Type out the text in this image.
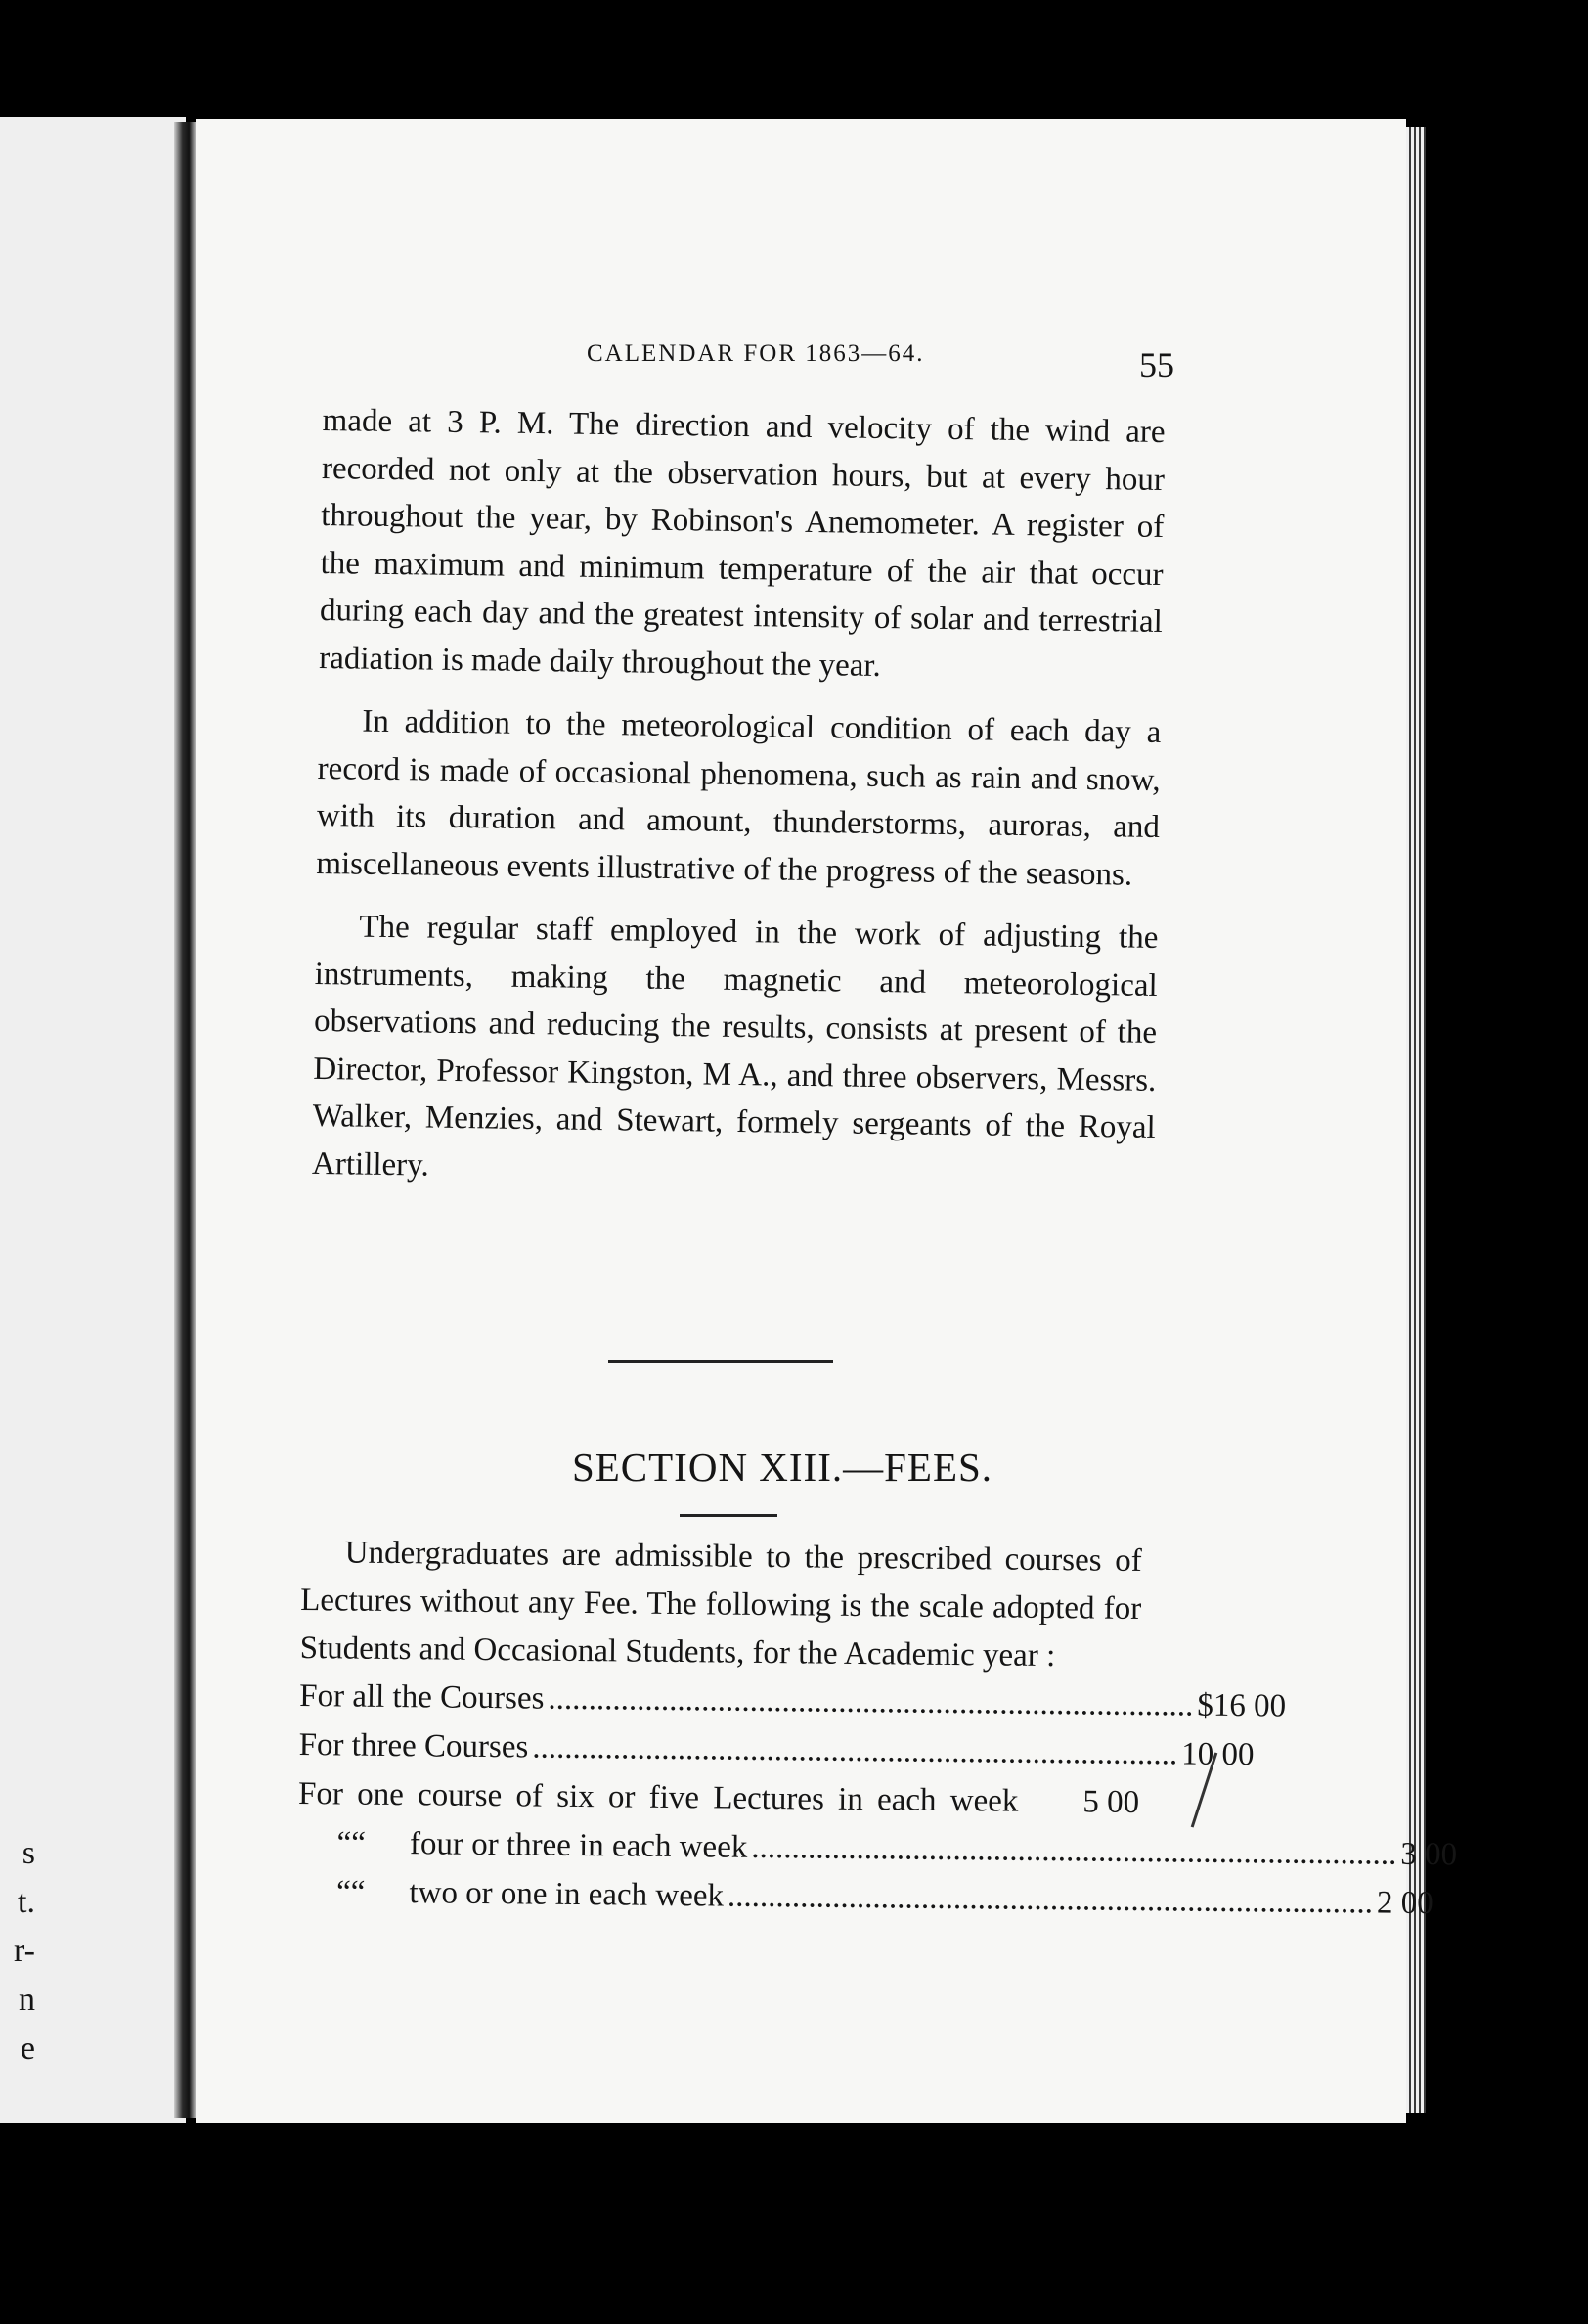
s
t.
r-
n
e
CALENDAR FOR 1863—64.	55

made at 3 P. M. The direction and velocity of the wind are recorded not only at the observation hours, but at every hour throughout the year, by Robinson's Anemometer. A register of the maximum and minimum temperature of the air that occur during each day and the greatest intensity of solar and terrestrial radiation is made daily throughout the year.

In addition to the meteorological condition of each day a record is made of occasional phenomena, such as rain and snow, with its duration and amount, thunderstorms, auroras, and miscellaneous events illustrative of the progress of the seasons.

The regular staff employed in the work of adjusting the instruments, making the magnetic and meteorological observations and reducing the results, consists at present of the Director, Professor Kingston, M A., and three observers, Messrs. Walker, Menzies, and Stewart, formely sergeants of the Royal Artillery.

SECTION XIII.—FEES.

Undergraduates are admissible to the prescribed courses of Lectures without any Fee. The following is the scale adopted for Students and Occasional Students, for the Academic year :

For all the Courses ................................................................................ $16 00
For three Courses ................................................................................ 10 00
For one course of six or five Lectures in each week	5 00
“ “	four or three in each week ................................................................................ 3 00
“ “	two or one in each week ................................................................................ 2 00
